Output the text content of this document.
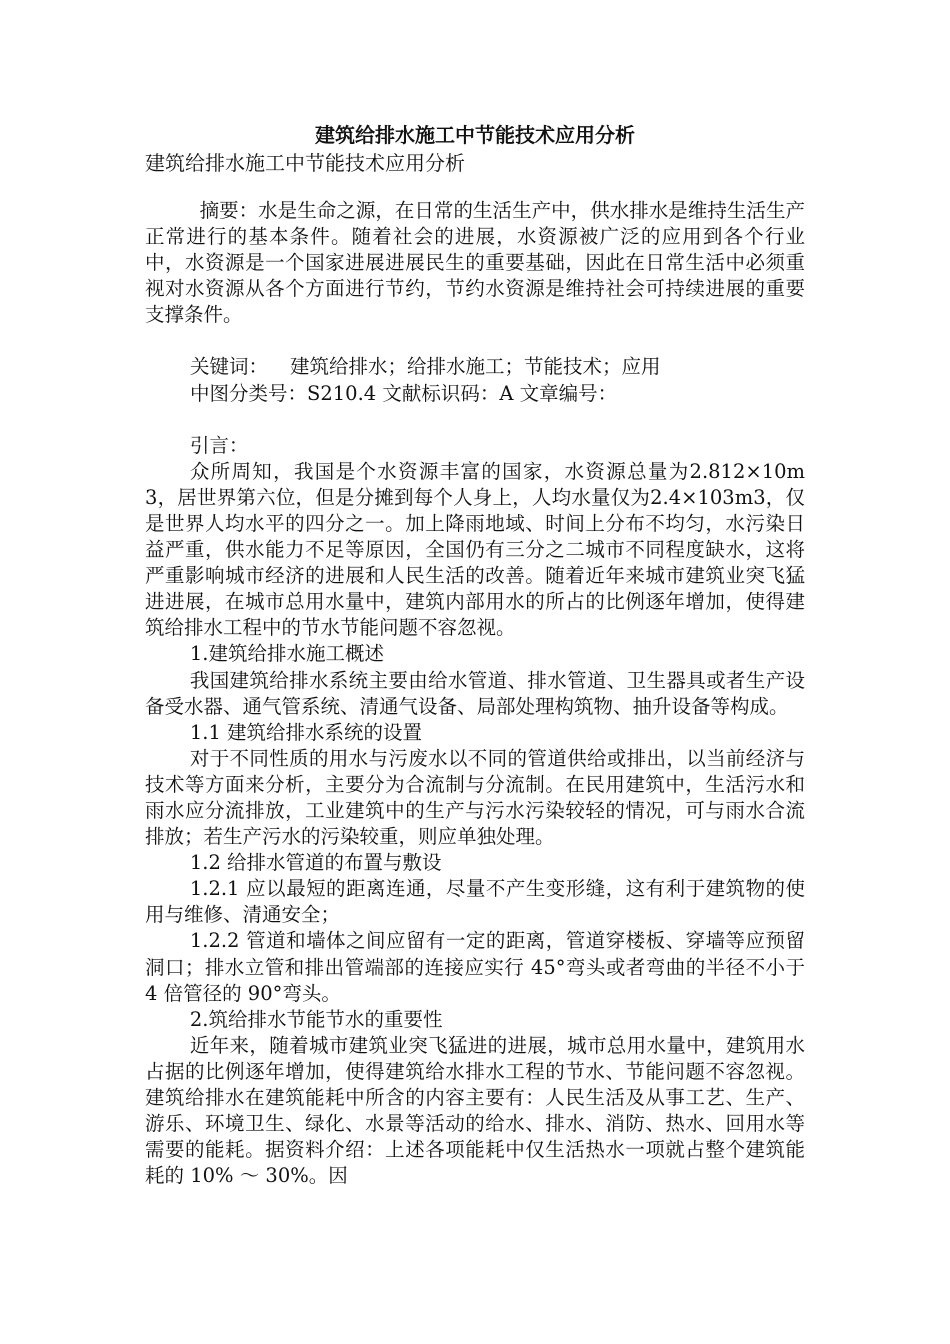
建筑给排水施工中节能技术应用分析

建筑给排水施工中节能技术应用分析

摘要：水是生命之源，在日常的生活生产中，供水排水是维持生活生产正常进行的基本条件。随着社会的进展，水资源被广泛的应用到各个行业中，水资源是一个国家进展进展民生的重要基础，因此在日常生活中必须重视对水资源从各个方面进行节约，节约水资源是维持社会可持续进展的重要支撑条件。

关键词： 建筑给排水；给排水施工；节能技术；应用

中图分类号：S210.4 文献标识码：A 文章编号：

引言：

众所周知，我国是个水资源丰富的国家，水资源总量为2.812×10m3，居世界第六位，但是分摊到每个人身上，人均水量仅为2.4×103m3，仅是世界人均水平的四分之一。加上降雨地域、时间上分布不均匀，水污染日益严重，供水能力不足等原因，全国仍有三分之二城市不同程度缺水，这将严重影响城市经济的进展和人民生活的改善。随着近年来城市建筑业突飞猛进进展，在城市总用水量中，建筑内部用水的所占的比例逐年增加，使得建筑给排水工程中的节水节能问题不容忽视。

1.建筑给排水施工概述

我国建筑给排水系统主要由给水管道、排水管道、卫生器具或者生产设备受水器、通气管系统、清通气设备、局部处理构筑物、抽升设备等构成。

1.1 建筑给排水系统的设置

对于不同性质的用水与污废水以不同的管道供给或排出，以当前经济与技术等方面来分析，主要分为合流制与分流制。在民用建筑中，生活污水和雨水应分流排放，工业建筑中的生产与污水污染较轻的情况，可与雨水合流排放；若生产污水的污染较重，则应单独处理。

1.2 给排水管道的布置与敷设

1.2.1 应以最短的距离连通，尽量不产生变形缝，这有利于建筑物的使用与维修、清通安全；

1.2.2 管道和墙体之间应留有一定的距离，管道穿楼板、穿墙等应预留洞口；排水立管和排出管端部的连接应实行 45°弯头或者弯曲的半径不小于 4 倍管径的 90°弯头。

2.筑给排水节能节水的重要性

近年来，随着城市建筑业突飞猛进的进展，城市总用水量中，建筑用水占据的比例逐年增加，使得建筑给水排水工程的节水、节能问题不容忽视。建筑给排水在建筑能耗中所含的内容主要有：人民生活及从事工艺、生产、游乐、环境卫生、绿化、水景等活动的给水、排水、消防、热水、回用水等需要的能耗。据资料介绍：上述各项能耗中仅生活热水一项就占整个建筑能耗的 10% ～ 30%。因
